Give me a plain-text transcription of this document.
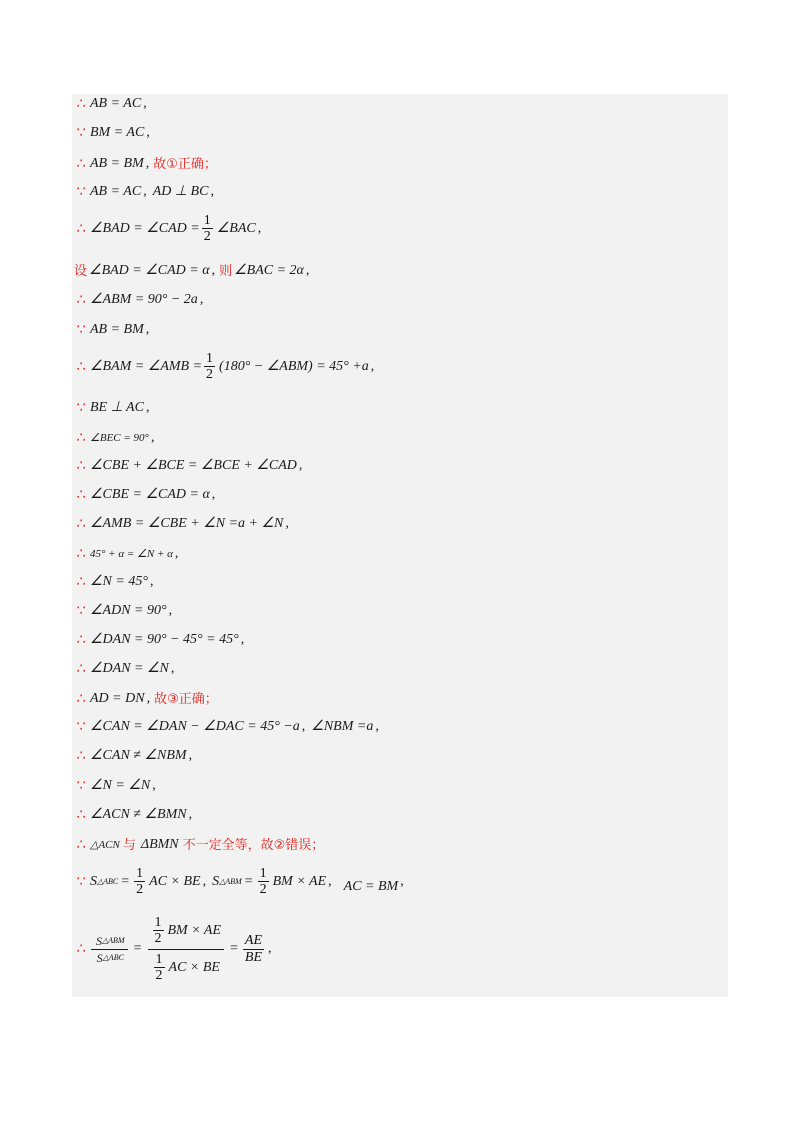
∴ AB = AC ,
∵ BM = AC ,
∴ AB = BM , 故①正确；
∵ AB = AC , AD ⊥ BC ,
∴ ∠BAD = ∠CAD = $\frac{1}{2}$ ∠BAC ,
设 ∠BAD = ∠CAD = α , 则 ∠BAC = 2α ,
∴ ∠ABM = 90° − 2a ,
∵ AB = BM ,
∴ ∠BAM = ∠AMB = $\frac{1}{2} (180^\circ$ − ∠ABM) = 45° +a ,
∵ BE ⊥ AC ,
∴ ∠BEC = 90° ,
∴ ∠CBE + ∠BCE = ∠BCE + ∠CAD ,
∴ ∠CBE = ∠CAD = α ,
∴ ∠AMB = ∠CBE + ∠N =a + ∠N ,
∴ 45° + α = ∠N + α ,
∴ ∠N = 45° ,
∵ ∠ADN = 90° ,
∴ ∠DAN = 90° − 45° = 45° ,
∴ ∠DAN = ∠N ,
∴ AD = DN , 故③正确；
∵ ∠CAN = ∠DAN − ∠DAC = 45° −a , ∠NBM =a ,
∴ ∠CAN ≠ ∠NBM ,
∵ ∠N = ∠N ,
∴ ∠ACN ≠ ∠BMN ,
∴ △ACN 与 ΔBMN 不一定全等，故②错误；
∵ S △ABC = $\frac{1}{2}$ AC × BE , S △ABM = $\frac{1}{2}$ BM × AE , AC = BM ,
∴ $\frac{\text{S △ABM}}{\text{S △ABC}} = \frac{\frac{1}{2} BM \times AE}{\frac{1}{2} AC \times BE} = \frac{AE}{BE}$ ,
